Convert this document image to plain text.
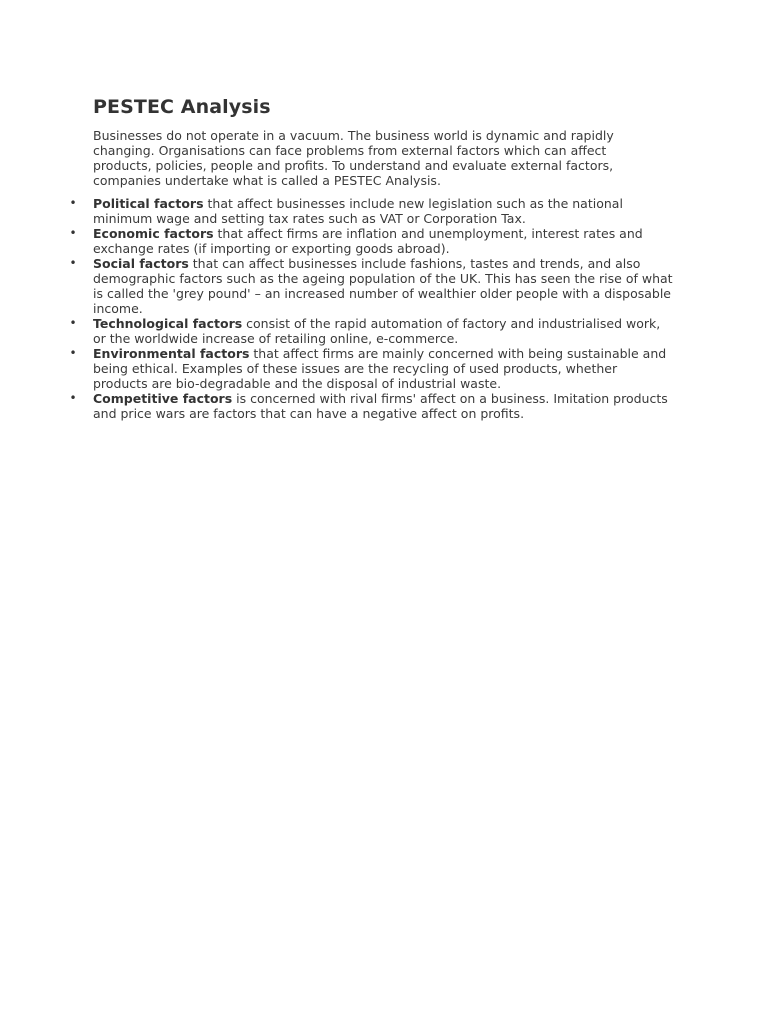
PESTEC Analysis

Businesses do not operate in a vacuum. The business world is dynamic and rapidly changing. Organisations can face problems from external factors which can affect products, policies, people and profits. To understand and evaluate external factors, companies undertake what is called a PESTEC Analysis.

• Political factors that affect businesses include new legislation such as the national minimum wage and setting tax rates such as VAT or Corporation Tax.
• Economic factors that affect firms are inflation and unemployment, interest rates and exchange rates (if importing or exporting goods abroad).
• Social factors that can affect businesses include fashions, tastes and trends, and also demographic factors such as the ageing population of the UK. This has seen the rise of what is called the 'grey pound' – an increased number of wealthier older people with a disposable income.
• Technological factors consist of the rapid automation of factory and industrialised work, or the worldwide increase of retailing online, e-commerce.
• Environmental factors that affect firms are mainly concerned with being sustainable and being ethical. Examples of these issues are the recycling of used products, whether products are bio-degradable and the disposal of industrial waste.
• Competitive factors is concerned with rival firms' affect on a business. Imitation products and price wars are factors that can have a negative affect on profits.
